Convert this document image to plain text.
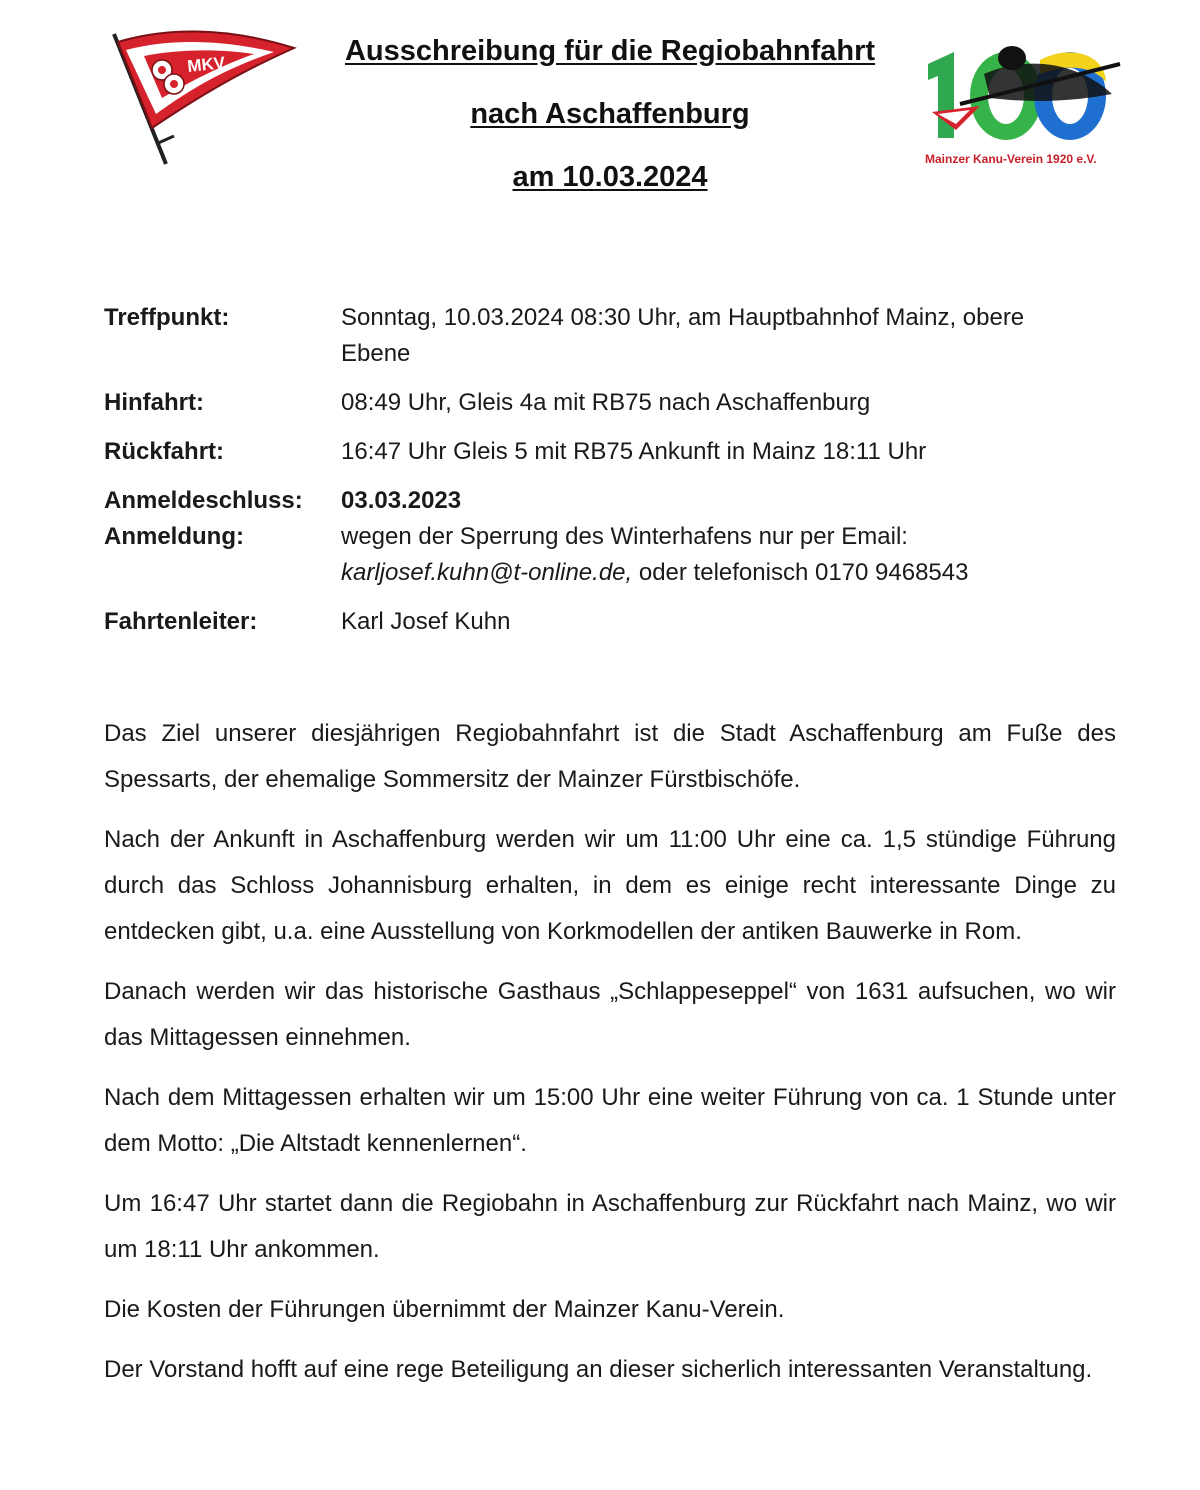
MKV
Mainzer Kanu-Verein 1920 e.V.
Ausschreibung für die Regiobahnfahrt
nach Aschaffenburg
am 10.03.2024
Treffpunkt:	Sonntag, 10.03.2024 08:30 Uhr, am Hauptbahnhof Mainz, obere
Ebene
Hinfahrt:	08:49 Uhr, Gleis 4a mit RB75 nach Aschaffenburg
Rückfahrt:	16:47 Uhr Gleis 5 mit RB75 Ankunft in Mainz 18:11 Uhr
Anmeldeschluss:	03.03.2023
Anmeldung:	wegen der Sperrung des Winterhafens nur per Email:
karljosef.kuhn@t-online.de, oder telefonisch 0170 9468543
Fahrtenleiter:	Karl Josef Kuhn

Das Ziel unserer diesjährigen Regiobahnfahrt ist die Stadt Aschaffenburg am Fuße des Spessarts, der ehemalige Sommersitz der Mainzer Fürstbischöfe.

Nach der Ankunft in Aschaffenburg werden wir um 11:00 Uhr eine ca. 1,5 stündige Führung durch das Schloss Johannisburg erhalten, in dem es einige recht interessante Dinge zu entdecken gibt, u.a. eine Ausstellung von Korkmodellen der antiken Bauwerke in Rom.

Danach werden wir das historische Gasthaus „Schlappeseppel“ von 1631 aufsuchen, wo wir das Mittagessen einnehmen.

Nach dem Mittagessen erhalten wir um 15:00 Uhr eine weiter Führung von ca. 1 Stunde unter dem Motto: „Die Altstadt kennenlernen“.

Um 16:47 Uhr startet dann die Regiobahn in Aschaffenburg zur Rückfahrt nach Mainz, wo wir um 18:11 Uhr ankommen.

Die Kosten der Führungen übernimmt der Mainzer Kanu-Verein.

Der Vorstand hofft auf eine rege Beteiligung an dieser sicherlich interessanten Veranstaltung.
